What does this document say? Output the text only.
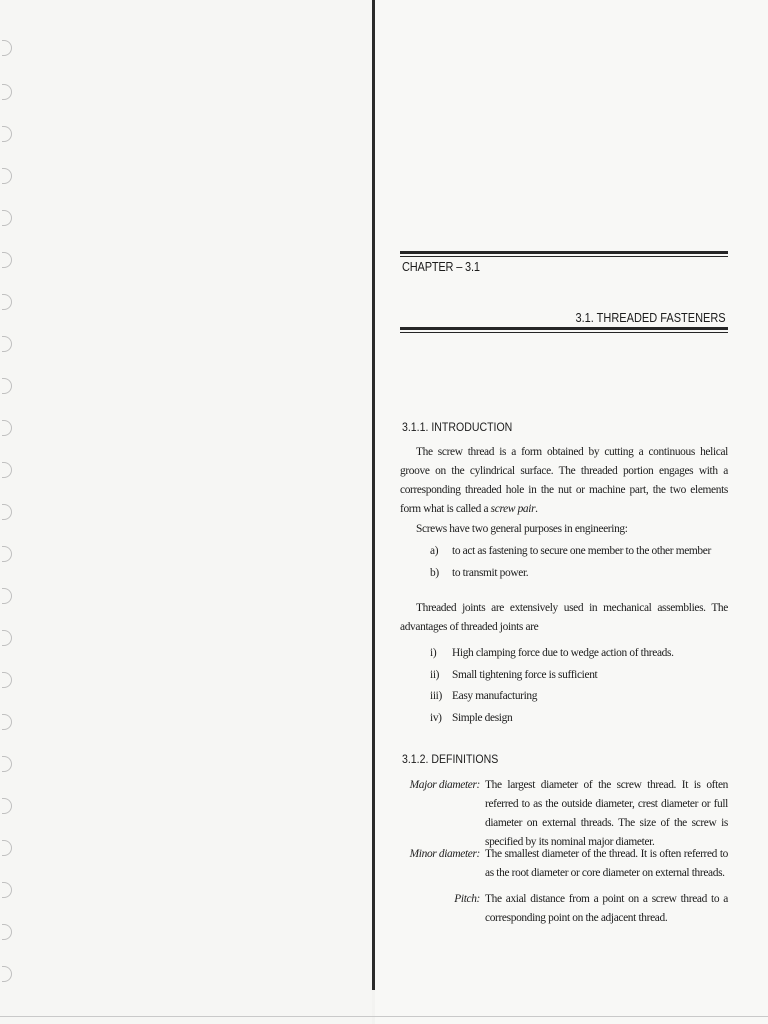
CHAPTER – 3.1
3.1. THREADED FASTENERS
3.1.1. INTRODUCTION
The screw thread is a form obtained by cutting a continuous helical groove on the cylindrical surface. The threaded portion engages with a corresponding threaded hole in the nut or machine part, the two elements form what is called a screw pair.
Screws have two general purposes in engineering:
a) to act as fastening to secure one member to the other member
b) to transmit power.
Threaded joints are extensively used in mechanical assemblies. The advantages of threaded joints are
i) High clamping force due to wedge action of threads.
ii) Small tightening force is sufficient
iii) Easy manufacturing
iv) Simple design
3.1.2. DEFINITIONS
Major diameter: The largest diameter of the screw thread. It is often referred to as the outside diameter, crest diameter or full diameter on external threads. The size of the screw is specified by its nominal major diameter.
Minor diameter: The smallest diameter of the thread. It is often referred to as the root diameter or core diameter on external threads.
Pitch: The axial distance from a point on a screw thread to a corresponding point on the adjacent thread.
